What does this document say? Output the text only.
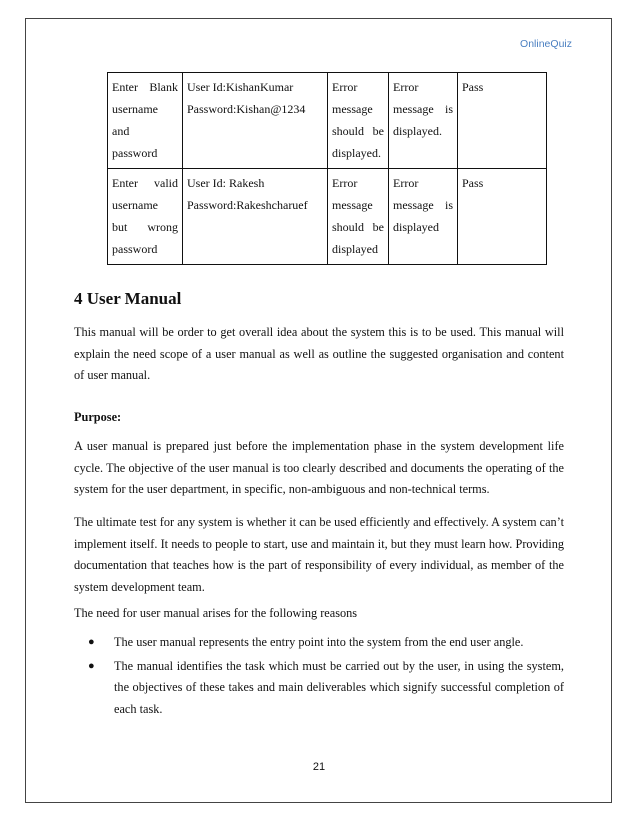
OnlineQuiz
Enter Blank
username
and
password	User Id:KishanKumar
Password:Kishan@1234	Error
message
should be
displayed.	Error
message is
displayed.	Pass

Enter valid
username
but wrong
password	User Id: Rakesh
Password:Rakeshcharuef	Error
message
should be
displayed	Error
message is
displayed	Pass
4 User Manual

This manual will be order to get overall idea about the system this is to be used. This manual will explain the need scope of a user manual as well as outline the suggested organisation and content of user manual.

Purpose:

A user manual is prepared just before the implementation phase in the system development life cycle. The objective of the user manual is too clearly described and documents the operating of the system for the user department, in specific, non-ambiguous and non-technical terms.

The ultimate test for any system is whether it can be used efficiently and effectively. A system can’t implement itself. It needs to people to start, use and maintain it, but they must learn how. Providing documentation that teaches how is the part of responsibility of every individual, as member of the system development team.

The need for user manual arises for the following reasons

● The user manual represents the entry point into the system from the end user angle.
● The manual identifies the task which must be carried out by the user, in using the system, the objectives of these takes and main deliverables which signify successful completion of each task.
21
